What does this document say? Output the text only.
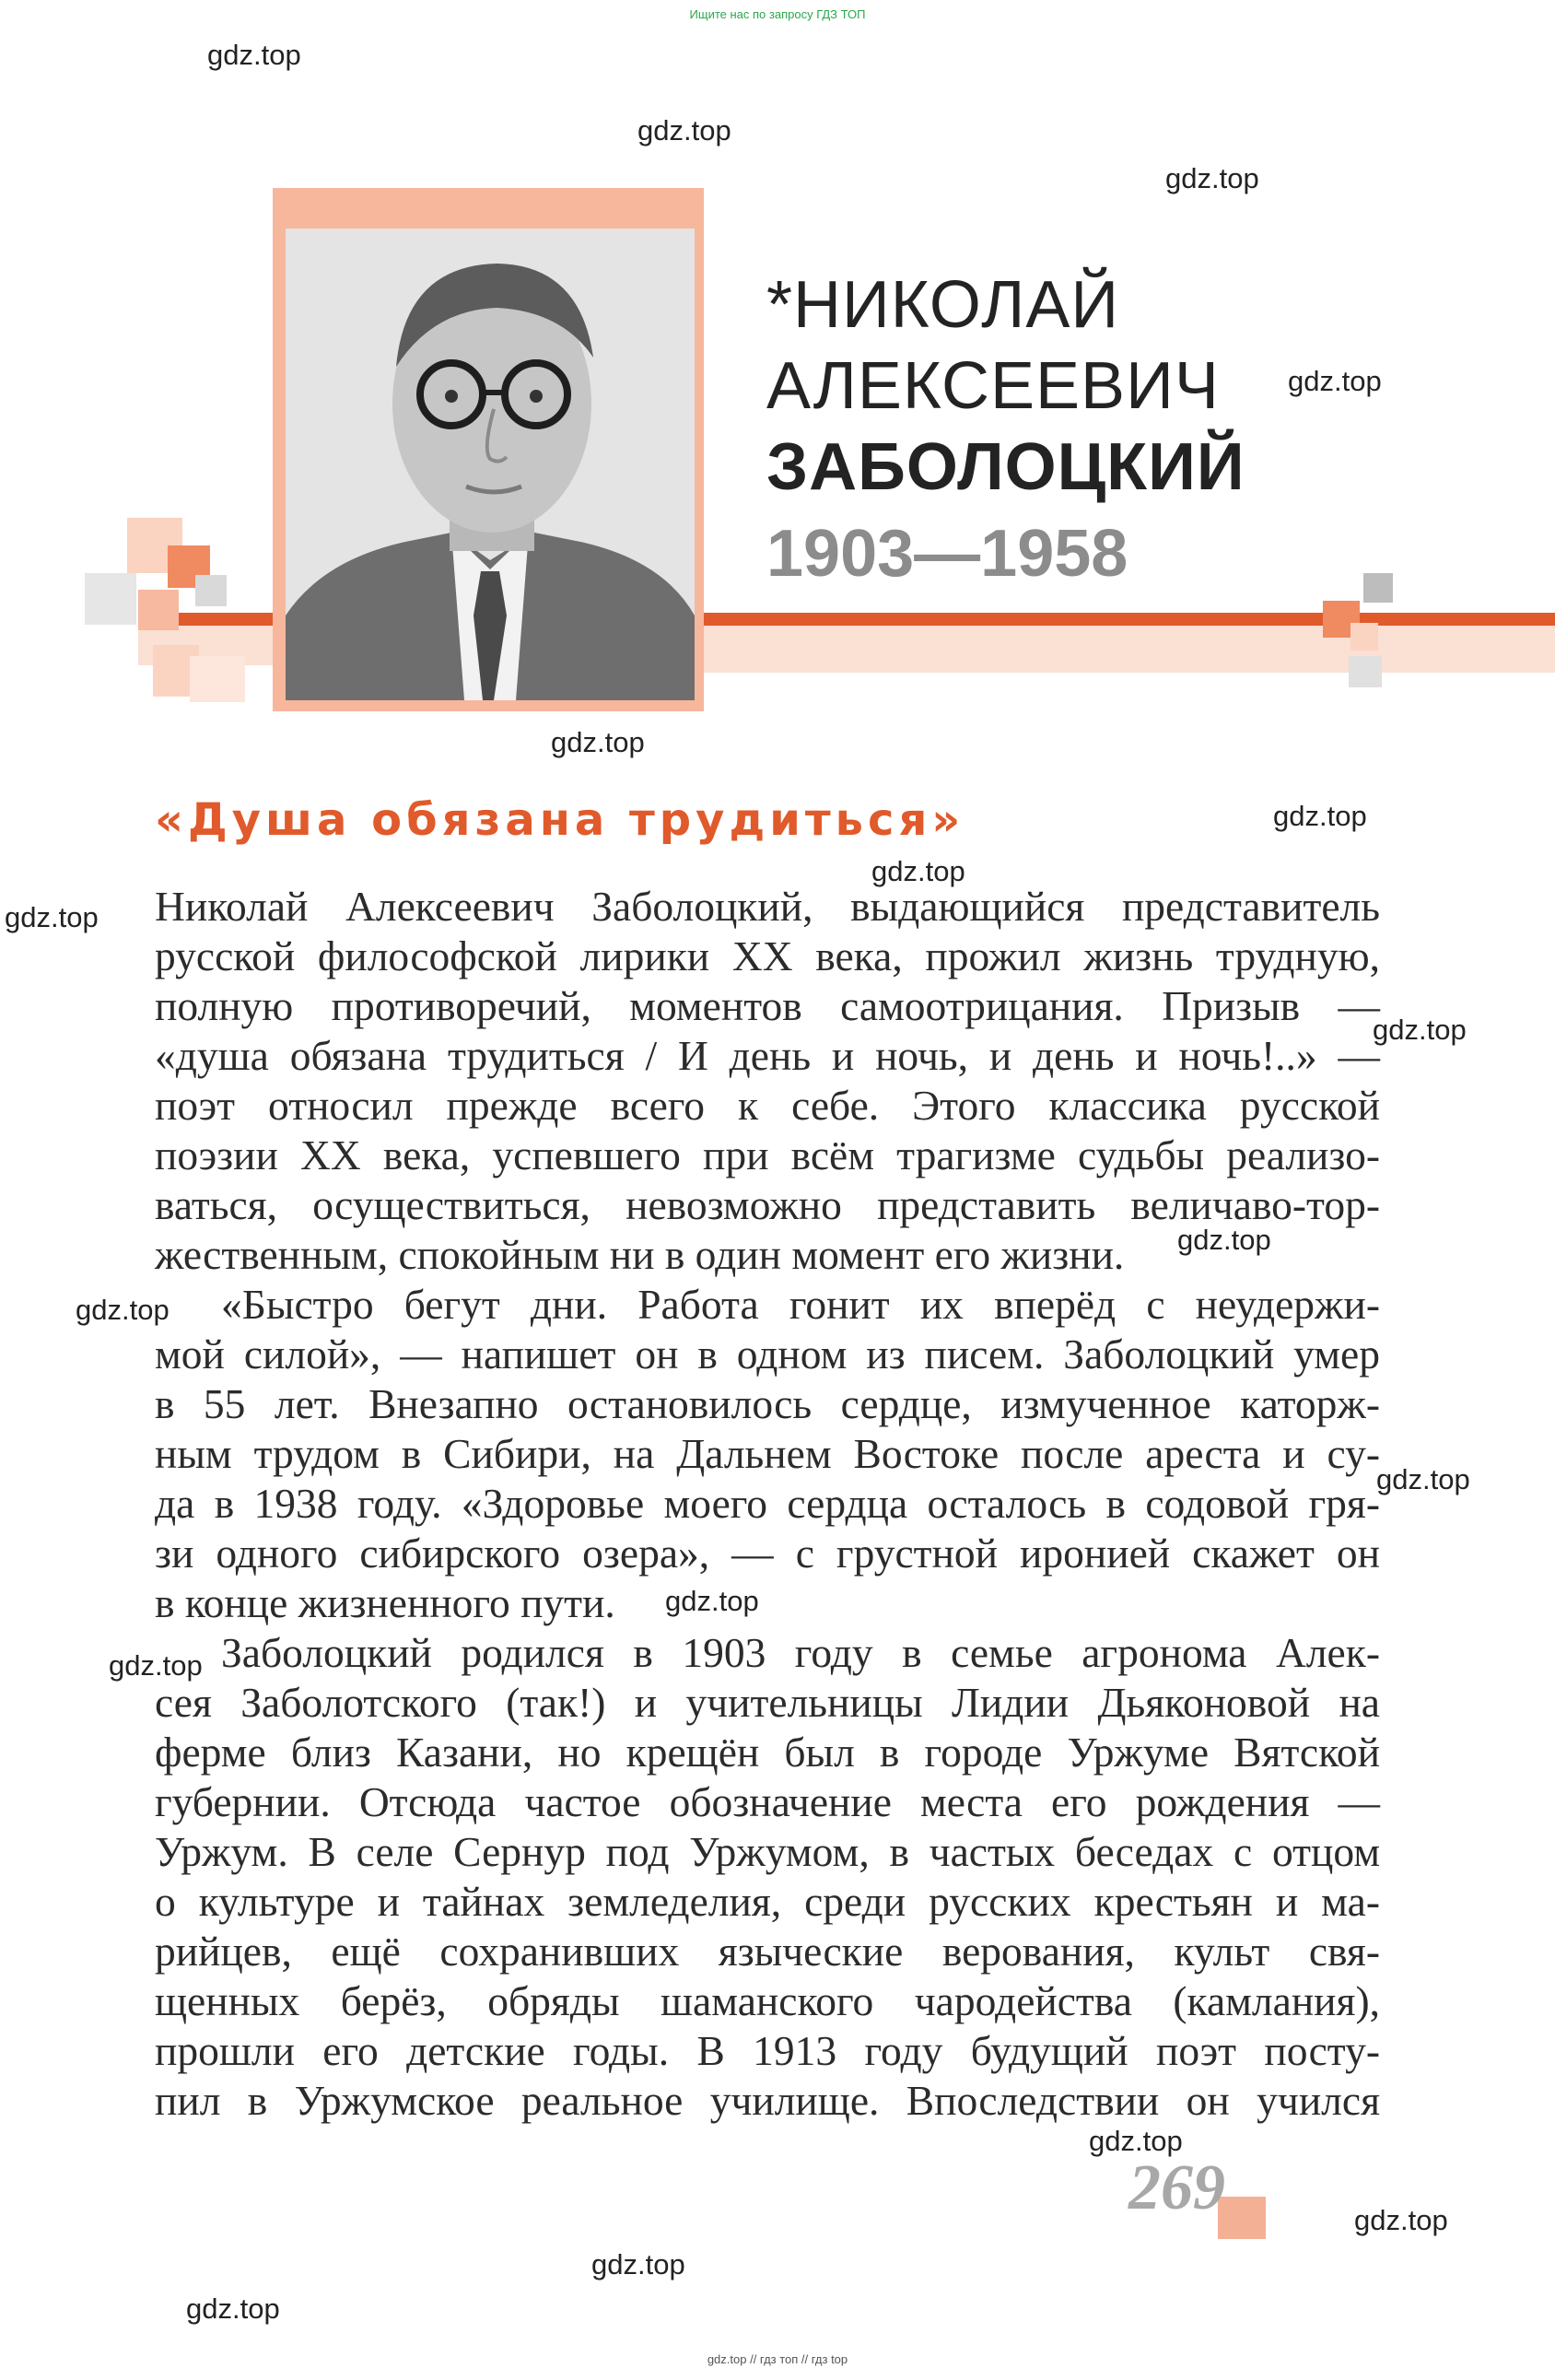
Ищите нас по запросу ГДЗ ТОП
gdz.top // гдз топ // гдз top
*НИКОЛАЙ
АЛЕКСЕЕВИЧ
ЗАБОЛОЦКИЙ
1903—1958
«Душа обязана трудиться»

Николай Алексеевич Заболоцкий, выдающийся представитель

русской философской лирики XX века, прожил жизнь трудную,

полную противоречий, моментов самоотрицания. Призыв —

«душа обязана трудиться / И день и ночь, и день и ночь!..» —

поэт относил прежде всего к себе. Этого классика русской

поэзии XX века, успевшего при всём трагизме судьбы реализо-

ваться, осуществиться, невозможно представить величаво-тор-

жественным, спокойным ни в один момент его жизни.

«Быстро бегут дни. Работа гонит их вперёд с неудержи-

мой силой», — напишет он в одном из писем. Заболоцкий умер

в 55 лет. Внезапно остановилось сердце, измученное каторж-

ным трудом в Сибири, на Дальнем Востоке после ареста и су-

да в 1938 году. «Здоровье моего сердца осталось в содовой гря-

зи одного сибирского озера», — с грустной иронией скажет он

в конце жизненного пути.

Заболоцкий родился в 1903 году в семье агронома Алек-

сея Заболотского (так!) и учительницы Лидии Дьяконовой на

ферме близ Казани, но крещён был в городе Уржуме Вятской

губернии. Отсюда частое обозначение места его рождения —

Уржум. В селе Сернур под Уржумом, в частых беседах с отцом

о культуре и тайнах земледелия, среди русских крестьян и ма-

рийцев, ещё сохранивших языческие верования, культ свя-

щенных берёз, обряды шаманского чародейства (камлания),

прошли его детские годы. В 1913 году будущий поэт посту-

пил в Уржумское реальное училище. Впоследствии он учился

269
gdz.top
gdz.top
gdz.top
gdz.top
gdz.top
gdz.top
gdz.top
gdz.top
gdz.top
gdz.top
gdz.top
gdz.top
gdz.top
gdz.top
gdz.top
gdz.top
gdz.top
gdz.top
